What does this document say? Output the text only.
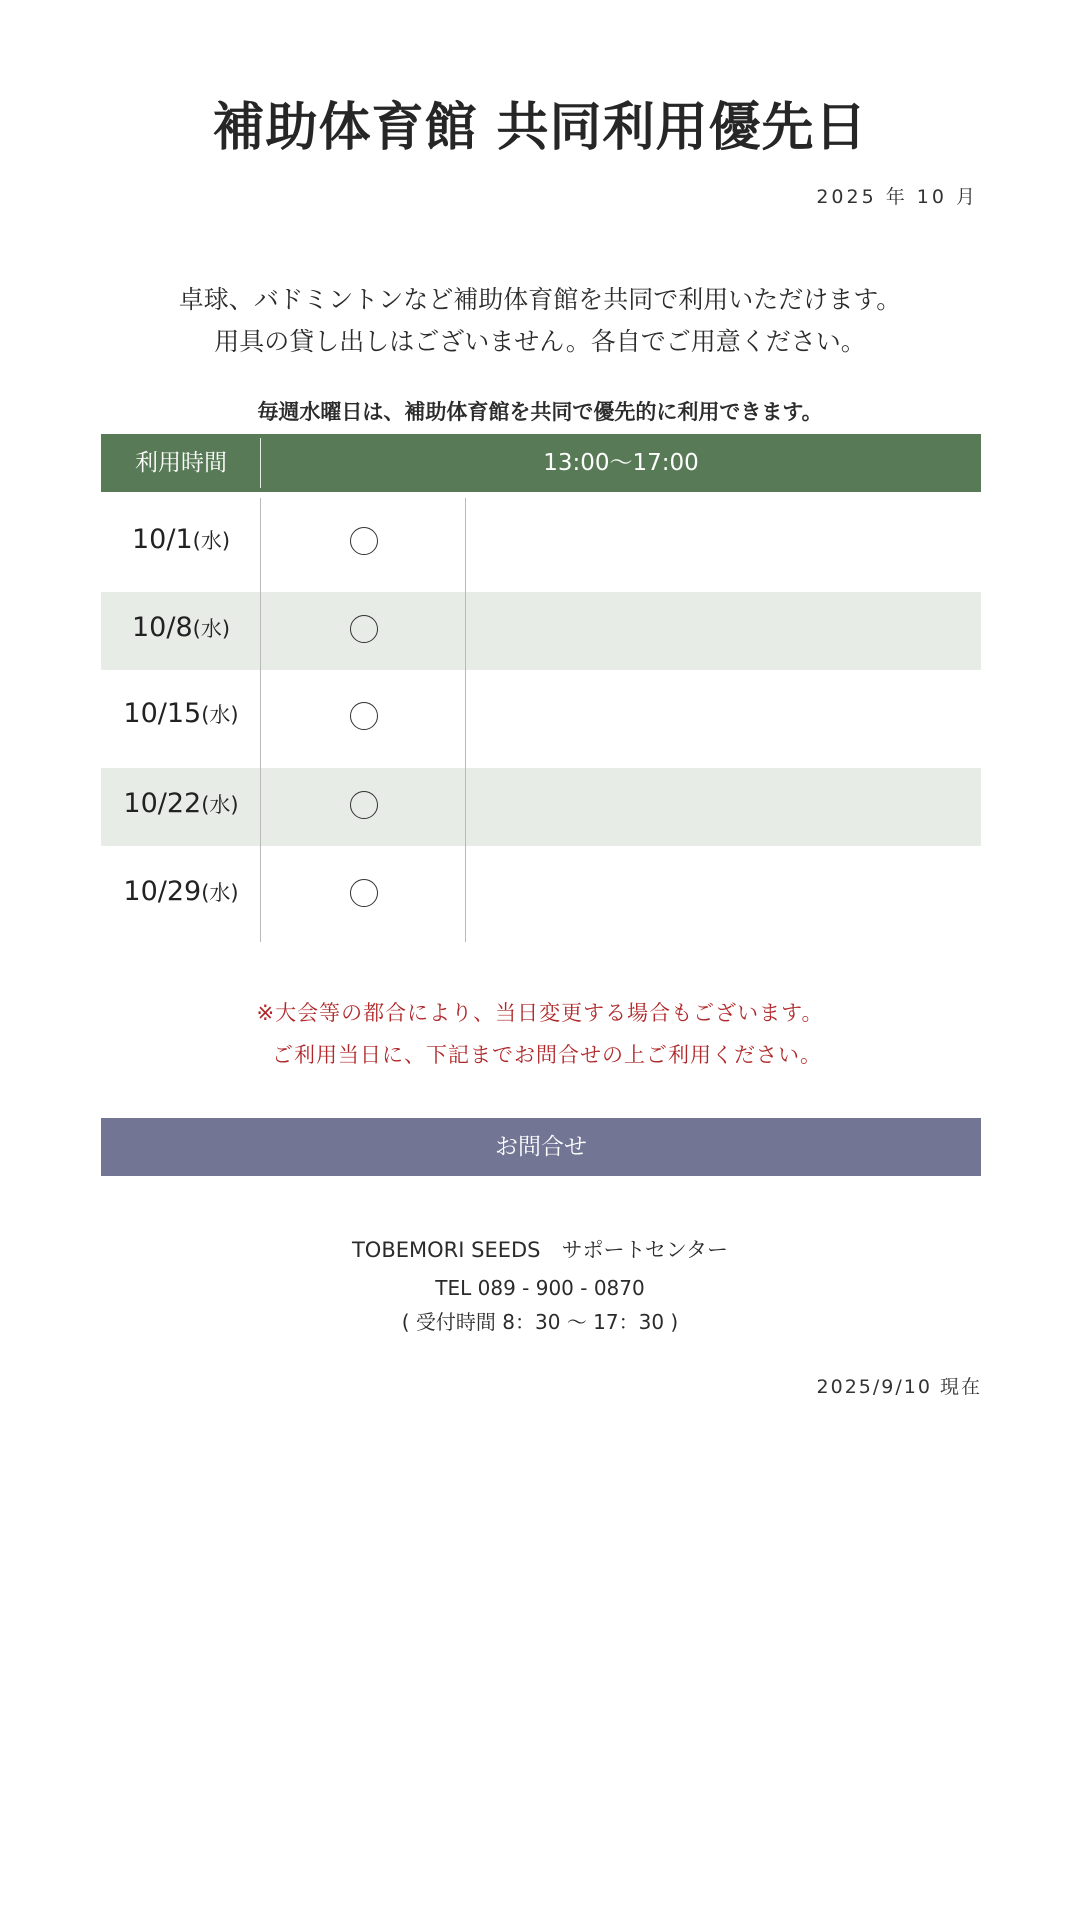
補助体育館 共同利用優先日
2025 年 10 月
卓球、バドミントンなど補助体育館を共同で利用いただけます。
用具の貸し出しはございません。各自でご用意ください。
毎週水曜日は、補助体育館を共同で優先的に利用できます。
利用時間	13:00〜17:00
10/1(水)
10/8(水)
10/15(水)
10/22(水)
10/29(水)
※大会等の都合により、当日変更する場合もございます。
ご利用当日に、下記までお問合せの上ご利用ください。
お問合せ
TOBEMORI SEEDS　サポートセンター
TEL 089 - 900 - 0870
( 受付時間 8：30 〜 17：30 )
2025/9/10 現在
